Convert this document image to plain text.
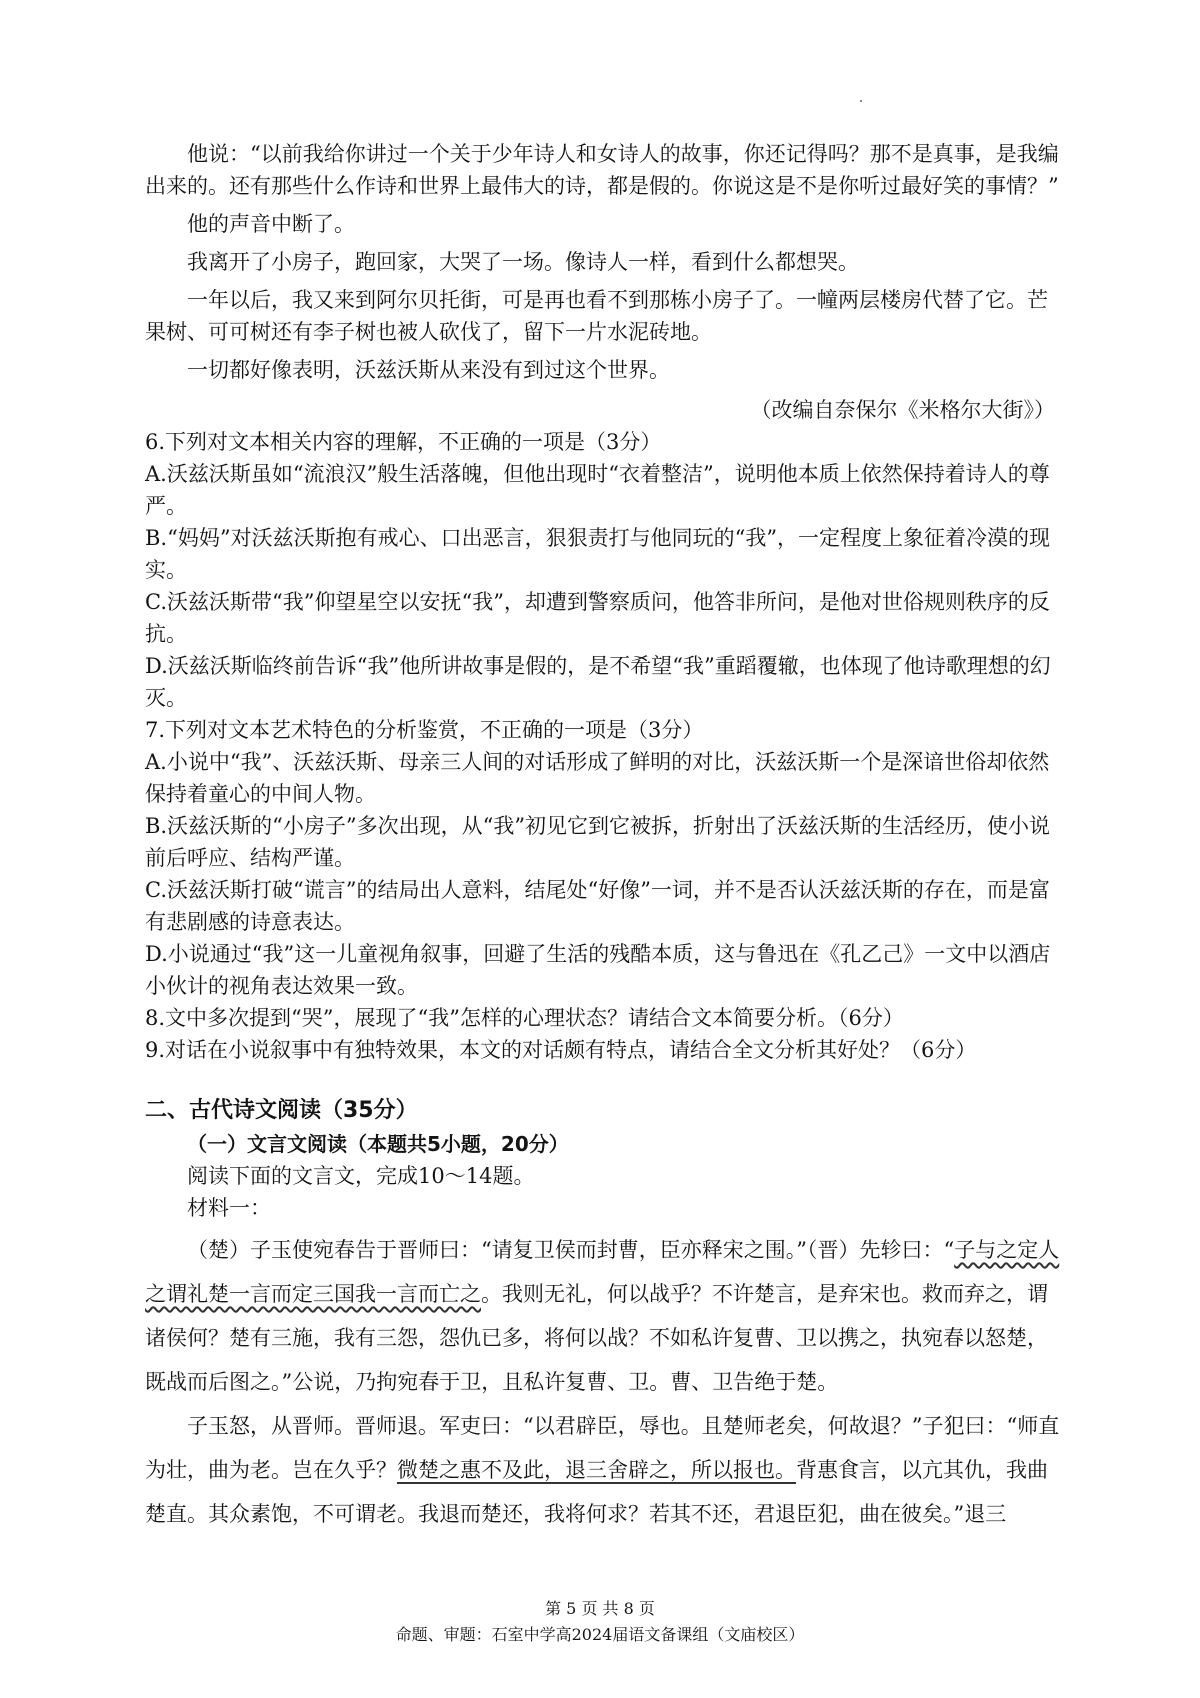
他说：“以前我给你讲过一个关于少年诗人和女诗人的故事，你还记得吗？那不是真事，是我编出来的。还有那些什么作诗和世界上最伟大的诗，都是假的。你说这是不是你听过最好笑的事情？”

他的声音中断了。

我离开了小房子，跑回家，大哭了一场。像诗人一样，看到什么都想哭。

一年以后，我又来到阿尔贝托街，可是再也看不到那栋小房子了。一幢两层楼房代替了它。芒果树、可可树还有李子树也被人砍伐了，留下一片水泥砖地。

一切都好像表明，沃兹沃斯从来没有到过这个世界。

（改编自奈保尔《米格尔大街》）

6.下列对文本相关内容的理解，不正确的一项是（3分）

A.沃兹沃斯虽如“流浪汉”般生活落魄，但他出现时“衣着整洁”，说明他本质上依然保持着诗人的尊严。

B.“妈妈”对沃兹沃斯抱有戒心、口出恶言，狠狠责打与他同玩的“我”，一定程度上象征着冷漠的现实。

C.沃兹沃斯带“我”仰望星空以安抚“我”，却遭到警察质问，他答非所问，是他对世俗规则秩序的反抗。

D.沃兹沃斯临终前告诉“我”他所讲故事是假的，是不希望“我”重蹈覆辙，也体现了他诗歌理想的幻灭。

7.下列对文本艺术特色的分析鉴赏，不正确的一项是（3分）

A.小说中“我”、沃兹沃斯、母亲三人间的对话形成了鲜明的对比，沃兹沃斯一个是深谙世俗却依然保持着童心的中间人物。

B.沃兹沃斯的“小房子”多次出现，从“我”初见它到它被拆，折射出了沃兹沃斯的生活经历，使小说前后呼应、结构严谨。

C.沃兹沃斯打破“谎言”的结局出人意料，结尾处“好像”一词，并不是否认沃兹沃斯的存在，而是富有悲剧感的诗意表达。

D.小说通过“我”这一儿童视角叙事，回避了生活的残酷本质，这与鲁迅在《孔乙己》一文中以酒店小伙计的视角表达效果一致。

8.文中多次提到“哭”，展现了“我”怎样的心理状态？请结合文本简要分析。（6分）

9.对话在小说叙事中有独特效果，本文的对话颇有特点，请结合全文分析其好处？（6分）

二、古代诗文阅读（35分）
（一）文言文阅读（本题共5小题，20分）

阅读下面的文言文，完成10～14题。

材料一：

（楚）子玉使宛春告于晋师曰：“请复卫侯而封曹，臣亦释宋之围。”（晋）先轸曰：“子与之定人之谓礼楚一言而定三国我一言而亡之。我则无礼，何以战乎？不许楚言，是弃宋也。救而弃之，谓诸侯何？楚有三施，我有三怨，怨仇已多，将何以战？不如私许复曹、卫以携之，执宛春以怒楚，既战而后图之。”公说，乃拘宛春于卫，且私许复曹、卫。曹、卫告绝于楚。

子玉怒，从晋师。晋师退。军吏曰：“以君辟臣，辱也。且楚师老矣，何故退？”子犯曰：“师直为壮，曲为老。岂在久乎？微楚之惠不及此，退三舍辟之，所以报也。背惠食言，以亢其仇，我曲楚直。其众素饱，不可谓老。我退而楚还，我将何求？若其不还，君退臣犯，曲在彼矣。”退三

第 5 页 共 8 页
命题、审题：石室中学高2024届语文备课组（文庙校区）
